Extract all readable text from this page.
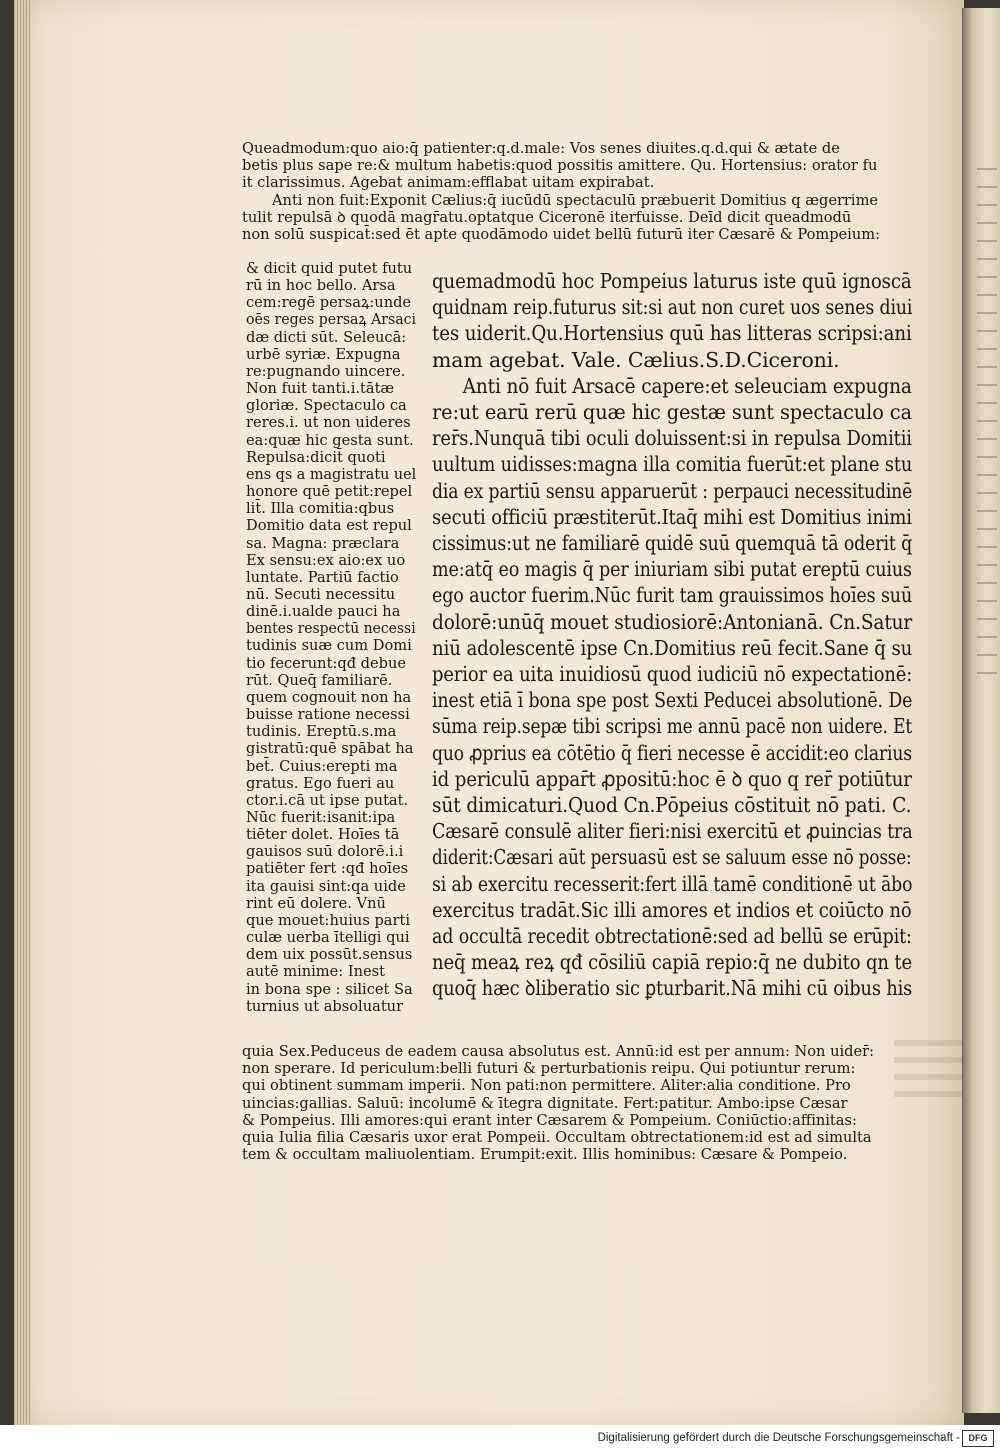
Queadmodum:quo aio:q̄ patienter:q.d.male: Vos senes diuites.q.d.qui & ætate de
betis plus sape re:& multum habetis:quod possitis amittere. Qu. Hortensius: orator fu
it clarissimus. Agebat animam:efflabat uitam expirabat.
Anti non fuit:Exponit Cælius:q̄ iucūdū spectaculū præbuerit Domitius q ægerrime
tulit repulsā ꝺ quodā magr̄atu.optatque Ciceronē iterfuisse. Deīd dicit queadmodū
non solū suspicat̄:sed ēt apte quodāmodo uidet bellū futurū iter Cæsarē & Pompeium:
& dicit quid putet futu
rū in hoc bello. Arsa
cem:regē persaꝝ:unde
oēs reges persaꝝ Arsaci
dæ dicti sūt. Seleucā:
urbē syriæ. Expugna
re:pugnando uincere.
Non fuit tanti.i.tātæ
gloriæ. Spectaculo ca
reres.i. ut non uideres
ea:quæ hic gesta sunt.
Repulsa:dicit̄ quoti
ens qs a magistratu uel
honore quē petit:repel
lit̄. Illa comitia:qbus
Domitio data est repul
sa. Magna: præclara
Ex sensu:ex aio:ex uo
luntate. Partiū factio
nū. Secuti necessitu
dinē.i.ualde pauci ha
bentes respectū necessi
tudinis suæ cum Domi
tio fecerunt:qđ debue
rūt. Queq̄ familiarē.
quem cognouit non ha
buisse ratione necessi
tudinis. Ereptū.s.ma
gistratū:quē spābat ha
bet̄. Cuius:erepti ma
gratus. Ego fueri au
ctor.i.cā ut ipse putat.
Nūc fuerit:isanit:ipa
tiēter dolet. Hoīes tā
gauisos suū dolorē.i.i
patiēter fert :qđ hoīes
ita gauisi sint:qa uide
rint eū dolere. Vnū
que mouet:huius parti
culæ uerba ītelligi qui
dem uix possūt.sensus
autē minime: Inest
in bona spe : silicet Sa
turnius ut absoluatur
quemadmodū hoc Pompeius laturus iste quū ignoscā
quidnam reip.futurus sit:si aut non curet uos senes diui
tes uiderit.Qu.Hortensius quū has litteras scripsi:ani
mam agebat. Vale. Cælius.S.D.Ciceroni.
Anti nō fuit Arsacē capere:et seleuciam expugna
re:ut earū rerū quæ hic gestæ sunt spectaculo ca
rer̄s.Nunquā tibi oculi doluissent:si in repulsa Domitii
uultum uidisses:magna illa comitia fuerūt:et plane stu
dia ex partiū sensu apparuerūt : perpauci necessitudinē
secuti officiū præstiterūt.Itaq̄ mihi est Domitius inimi
cissimus:ut ne familiarē quidē suū quemquā tā oderit q̄
me:atq̄ eo magis q̄ per iniuriam sibi putat ereptū cuius
ego auctor fuerim.Nūc furit tam grauissimos hoīes suū
dolorē:unūq̄ mouet studiosiorē:Antonianā. Cn.Satur
niū adolescentē ipse Cn.Domitius reū fecit.Sane q̄ su
perior ea uita inuidiosū quod iudiciū nō expectationē:
inest etiā ī bona spe post Sexti Peducei absolutionē. De
sūma reip.sepæ tibi scripsi me annū pacē non uidere. Et
quo ꝓprius ea cōtētio q̄ fieri necesse ē accidit:eo clarius
id periculū appar̄t ꝓpositū:hoc ē ꝺ quo q rer̄ potiūtur
sūt dimicaturi.Quod Cn.Pōpeius cōstituit nō pati. C.
Cæsarē consulē aliter fieri:nisi exercitū et ꝓuincias tra
diderit:Cæsari aūt persuasū est se saluum esse nō posse:
si ab exercitu recesserit:fert illā tamē conditionē ut ābo
exercitus tradāt.Sic illi amores et indios et coiūcto nō
ad occultā recedit obtrectationē:sed ad bellū se erūpit:
neq̄ meaꝝ reꝝ qđ cōsiliū capiā repio:q̄ ne dubito qn te
quoq̄ hæc ꝺliberatio sic ꝑturbarit.Nā mihi cū oibus his
quia Sex.Peduceus de eadem causa absolutus est. Annū:id est per annum: Non uider̄:
non sperare. Id periculum:belli futuri & perturbationis reipu. Qui potiuntur rerum:
qui obtinent summam imperii. Non pati:non permittere. Aliter:alia conditione. Pro
uincias:gallias. Saluū: incolumē & ītegra dignitate. Fert:patitur. Ambo:ipse Cæsar
& Pompeius. Illi amores:qui erant inter Cæsarem & Pompeium. Coniūctio:affinitas:
quia Iulia filia Cæsaris uxor erat Pompeii. Occultam obtrectationem:id est ad simulta
tem & occultam maliuolentiam. Erumpit:exit. Illis hominibus: Cæsare & Pompeio.
Digitalisierung gefördert durch die Deutsche Forschungsgemeinschaft - DFG
